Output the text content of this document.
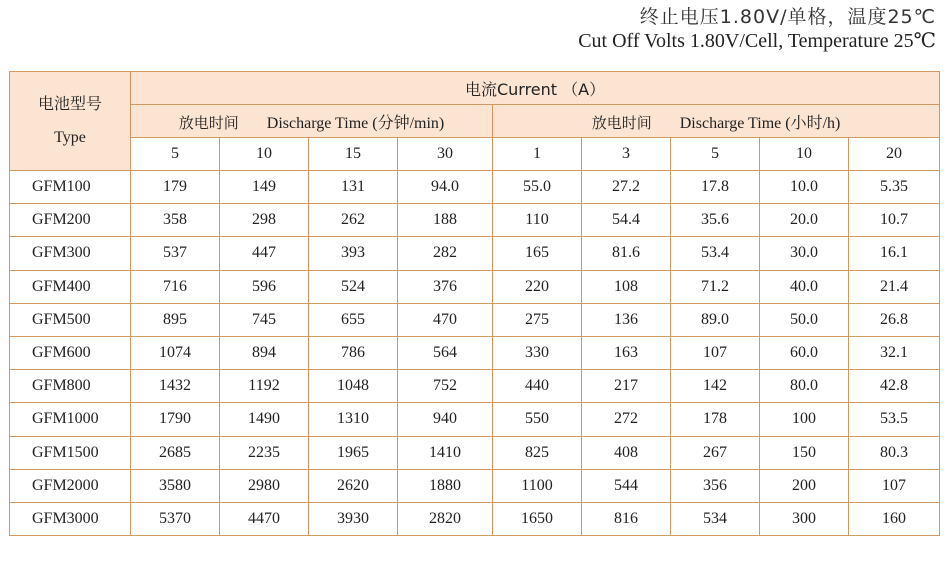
终止电压1.80V/单格，温度25℃
Cut Off Volts 1.80V/Cell, Temperature 25℃
电池型号
Type	电流Current （A）								
	放电时间 Discharge Time (分钟/min)				放电时间 Discharge Time (小时/h)				
	5	10	15	30	1	3	5	10	20
GFM100	179	149	131	94.0	55.0	27.2	17.8	10.0	5.35
GFM200	358	298	262	188	110	54.4	35.6	20.0	10.7
GFM300	537	447	393	282	165	81.6	53.4	30.0	16.1
GFM400	716	596	524	376	220	108	71.2	40.0	21.4
GFM500	895	745	655	470	275	136	89.0	50.0	26.8
GFM600	1074	894	786	564	330	163	107	60.0	32.1
GFM800	1432	1192	1048	752	440	217	142	80.0	42.8
GFM1000	1790	1490	1310	940	550	272	178	100	53.5
GFM1500	2685	2235	1965	1410	825	408	267	150	80.3
GFM2000	3580	2980	2620	1880	1100	544	356	200	107
GFM3000	5370	4470	3930	2820	1650	816	534	300	160
